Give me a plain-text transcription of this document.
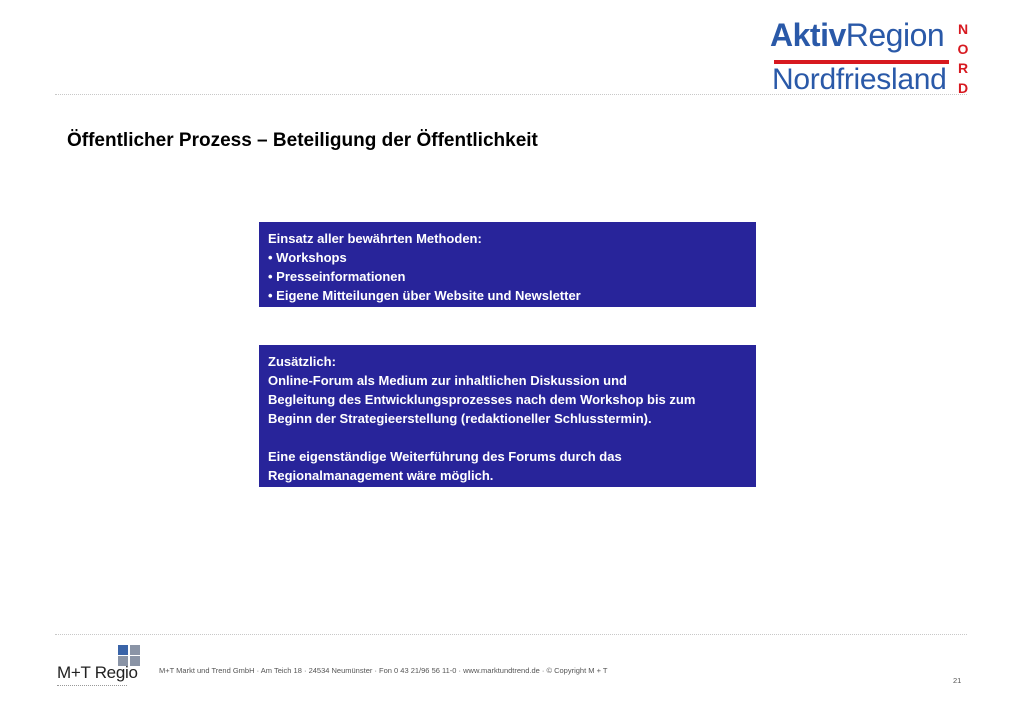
AktivRegion
Nordfriesland
N
O
R
D
Öffentlicher Prozess – Beteiligung der Öffentlichkeit
Einsatz aller bewährten Methoden:
• Workshops
• Presseinformationen
• Eigene Mitteilungen über Website und Newsletter
Zusätzlich:
Online-Forum als Medium zur inhaltlichen Diskussion und
Begleitung des Entwicklungsprozesses nach dem Workshop bis zum
Beginn der Strategieerstellung (redaktioneller Schlusstermin).
Eine eigenständige Weiterführung des Forums durch das
Regionalmanagement wäre möglich.
M+T Regio	M+T Markt und Trend GmbH · Am Teich 18 · 24534 Neumünster · Fon 0 43 21/96 56 11-0 · www.marktundtrend.de · © Copyright M + T
21
